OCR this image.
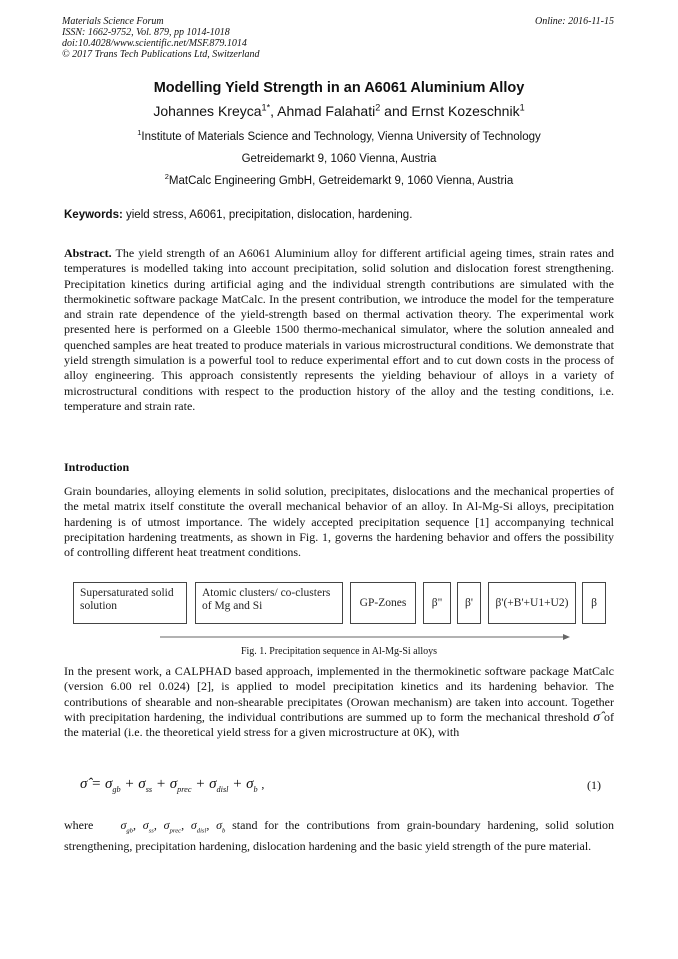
Materials Science Forum
ISSN: 1662-9752, Vol. 879, pp 1014-1018
doi:10.4028/www.scientific.net/MSF.879.1014
© 2017 Trans Tech Publications Ltd, Switzerland
Online: 2016-11-15
Modelling Yield Strength in an A6061 Aluminium Alloy
Johannes Kreyca$^{1*}$, Ahmad Falahati$^2$ and Ernst Kozeschnik$^1$
$^1$Institute of Materials Science and Technology, Vienna University of Technology
Getreidemarkt 9, 1060 Vienna, Austria
$^2$MatCalc Engineering GmbH, Getreidemarkt 9, 1060 Vienna, Austria
Keywords: yield stress, A6061, precipitation, dislocation, hardening.

Abstract. The yield strength of an A6061 Aluminium alloy for different artificial ageing times, strain rates and temperatures is modelled taking into account precipitation, solid solution and dislocation forest strengthening. Precipitation kinetics during artificial aging and the individual strength contributions are simulated with the thermokinetic software package MatCalc. In the present contribution, we introduce the model for the temperature and strain rate dependence of the yield-strength based on thermal activation theory. The experimental work presented here is performed on a Gleeble 1500 thermo-mechanical simulator, where the solution annealed and quenched samples are heat treated to produce materials in various microstructural conditions. We demonstrate that yield strength simulation is a powerful tool to reduce experimental effort and to cut down costs in the process of alloy engineering. This approach consistently represents the yielding behaviour of alloys in a variety of microstructural conditions with respect to the production history of the alloy and the testing conditions, i.e. temperature and strain rate.

Introduction

Grain boundaries, alloying elements in solid solution, precipitates, dislocations and the mechanical properties of the metal matrix itself constitute the overall mechanical behavior of an alloy. In Al-Mg-Si alloys, precipitation hardening is of utmost importance. The widely accepted precipitation sequence [1] accompanying technical precipitation hardening treatments, as shown in Fig. 1, governs the hardening behavior and offers the possibility of controlling different heat treatment conditions.

Supersaturated solid solution
Atomic clusters/ co-clusters of Mg and Si	GP-Zones	β"	β'	β'(+B'+U1+U2)	β
Fig. 1. Precipitation sequence in Al-Mg-Si alloys

In the present work, a CALPHAD based approach, implemented in the thermokinetic software package MatCalc (version 6.00 rel 0.024) [2], is applied to model precipitation kinetics and its hardening behavior. The contributions of shearable and non-shearable precipitates (Orowan mechanism) are taken into account. Together with precipitation hardening, the individual contributions are summed up to form the mechanical threshold σ̂ of the material (i.e. the theoretical yield stress for a given microstructure at 0K), with

σ̂ = $\sigma_{gb} + \sigma_{ss} + \sigma_{prec} + \sigma_{disl} + \sigma_b$ ,	(1)

where $\sigma_{gb}$, $\sigma_{ss}$, $\sigma_{prec}$, $\sigma_{disl}$, $\sigma_b$ stand for the contributions from grain-boundary hardening, solid solution strengthening, precipitation hardening, dislocation hardening and the basic yield strength of the pure material.
